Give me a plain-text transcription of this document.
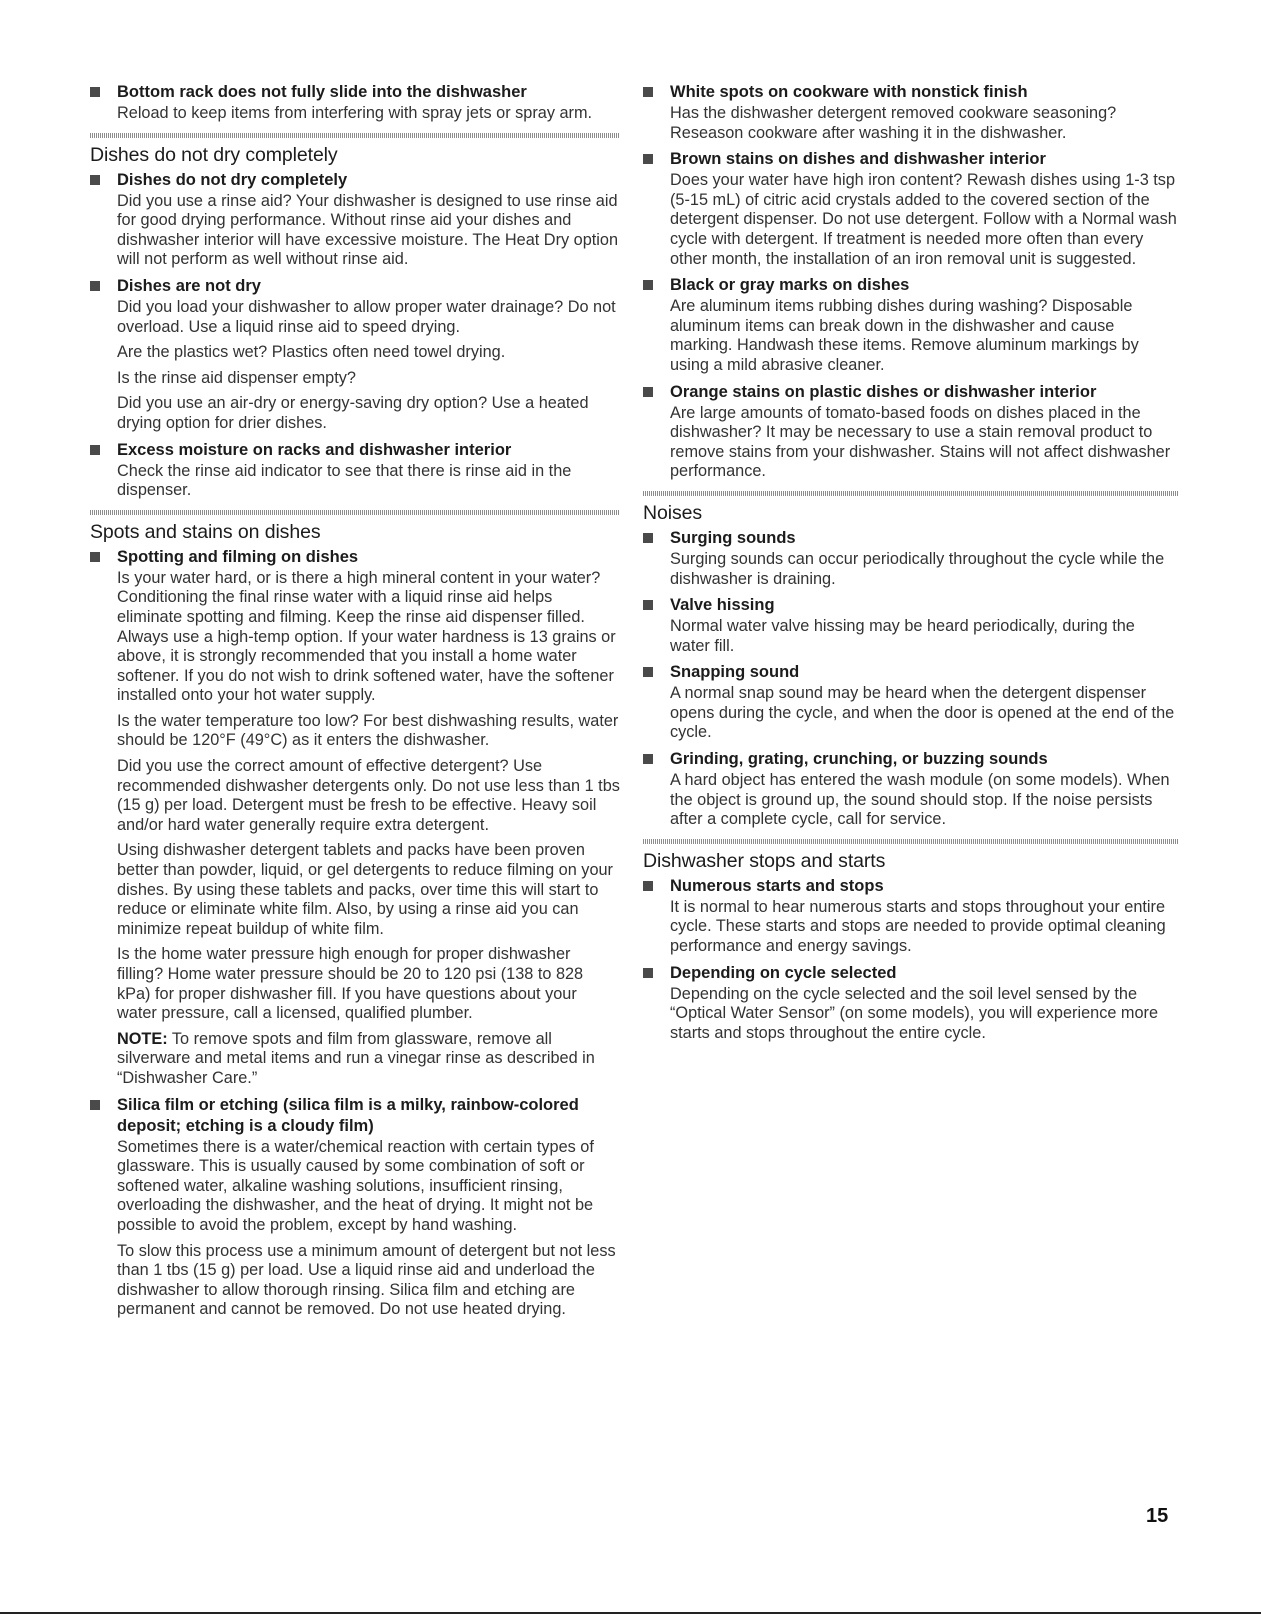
Bottom rack does not fully slide into the dishwasher

Reload to keep items from interfering with spray jets or spray arm.

Dishes do not dry completely
Dishes do not dry completely

Did you use a rinse aid? Your dishwasher is designed to use rinse aid for good drying performance. Without rinse aid your dishes and dishwasher interior will have excessive moisture. The Heat Dry option will not perform as well without rinse aid.

Dishes are not dry

Did you load your dishwasher to allow proper water drainage? Do not overload. Use a liquid rinse aid to speed drying.

Are the plastics wet? Plastics often need towel drying.

Is the rinse aid dispenser empty?

Did you use an air-dry or energy-saving dry option? Use a heated drying option for drier dishes.

Excess moisture on racks and dishwasher interior

Check the rinse aid indicator to see that there is rinse aid in the dispenser.

Spots and stains on dishes
Spotting and filming on dishes

Is your water hard, or is there a high mineral content in your water? Conditioning the final rinse water with a liquid rinse aid helps eliminate spotting and filming. Keep the rinse aid dispenser filled. Always use a high-temp option. If your water hardness is 13 grains or above, it is strongly recommended that you install a home water softener. If you do not wish to drink softened water, have the softener installed onto your hot water supply.

Is the water temperature too low? For best dishwashing results, water should be 120°F (49°C) as it enters the dishwasher.

Did you use the correct amount of effective detergent? Use recommended dishwasher detergents only. Do not use less than 1 tbs (15 g) per load. Detergent must be fresh to be effective. Heavy soil and/or hard water generally require extra detergent.

Using dishwasher detergent tablets and packs have been proven better than powder, liquid, or gel detergents to reduce filming on your dishes. By using these tablets and packs, over time this will start to reduce or eliminate white film. Also, by using a rinse aid you can minimize repeat buildup of white film.

Is the home water pressure high enough for proper dishwasher filling? Home water pressure should be 20 to 120 psi (138 to 828 kPa) for proper dishwasher fill. If you have questions about your water pressure, call a licensed, qualified plumber.

NOTE: To remove spots and film from glassware, remove all silverware and metal items and run a vinegar rinse as described in “Dishwasher Care.”

Silica film or etching (silica film is a milky, rainbow-colored deposit; etching is a cloudy film)

Sometimes there is a water/chemical reaction with certain types of glassware. This is usually caused by some combination of soft or softened water, alkaline washing solutions, insufficient rinsing, overloading the dishwasher, and the heat of drying. It might not be possible to avoid the problem, except by hand washing.

To slow this process use a minimum amount of detergent but not less than 1 tbs (15 g) per load. Use a liquid rinse aid and underload the dishwasher to allow thorough rinsing. Silica film and etching are permanent and cannot be removed. Do not use heated drying.

White spots on cookware with nonstick finish

Has the dishwasher detergent removed cookware seasoning? Reseason cookware after washing it in the dishwasher.

Brown stains on dishes and dishwasher interior

Does your water have high iron content? Rewash dishes using 1-3 tsp (5-15 mL) of citric acid crystals added to the covered section of the detergent dispenser. Do not use detergent. Follow with a Normal wash cycle with detergent. If treatment is needed more often than every other month, the installation of an iron removal unit is suggested.

Black or gray marks on dishes

Are aluminum items rubbing dishes during washing? Disposable aluminum items can break down in the dishwasher and cause marking. Handwash these items. Remove aluminum markings by using a mild abrasive cleaner.

Orange stains on plastic dishes or dishwasher interior

Are large amounts of tomato-based foods on dishes placed in the dishwasher? It may be necessary to use a stain removal product to remove stains from your dishwasher. Stains will not affect dishwasher performance.

Noises
Surging sounds

Surging sounds can occur periodically throughout the cycle while the dishwasher is draining.

Valve hissing

Normal water valve hissing may be heard periodically, during the water fill.

Snapping sound

A normal snap sound may be heard when the detergent dispenser opens during the cycle, and when the door is opened at the end of the cycle.

Grinding, grating, crunching, or buzzing sounds

A hard object has entered the wash module (on some models). When the object is ground up, the sound should stop. If the noise persists after a complete cycle, call for service.

Dishwasher stops and starts
Numerous starts and stops

It is normal to hear numerous starts and stops throughout your entire cycle. These starts and stops are needed to provide optimal cleaning performance and energy savings.

Depending on cycle selected

Depending on the cycle selected and the soil level sensed by the “Optical Water Sensor” (on some models), you will experience more starts and stops throughout the entire cycle.

15
